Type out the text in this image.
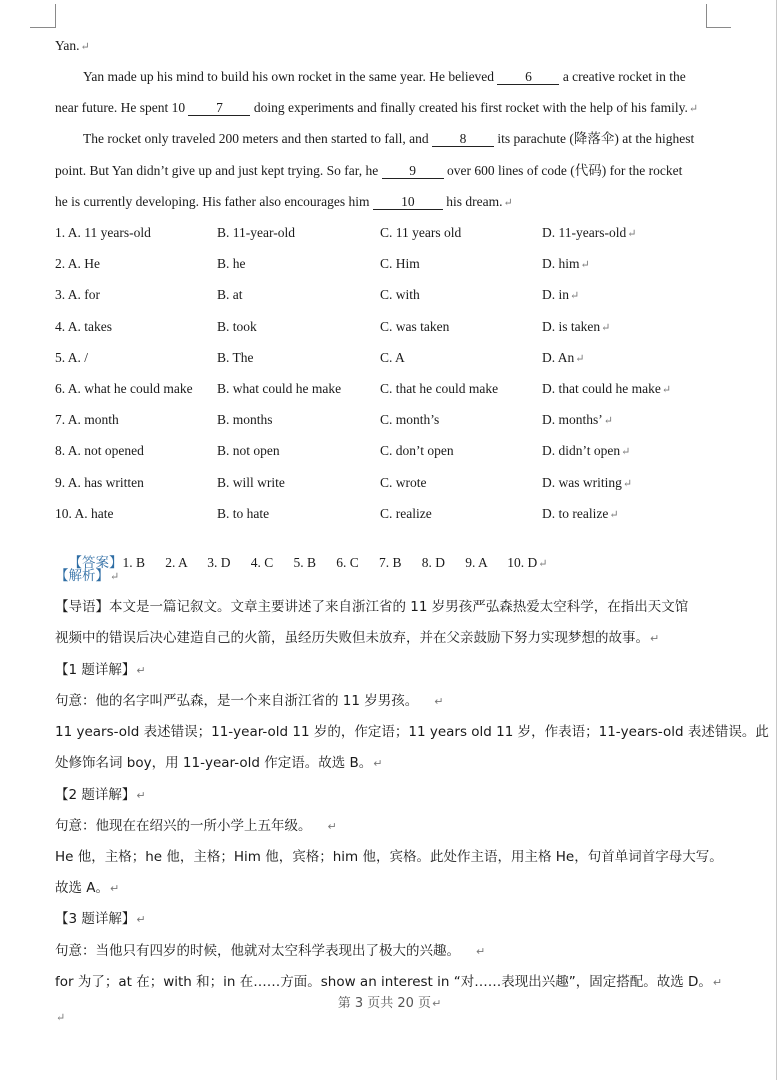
Yan.↵
Yan made up his mind to build his own rocket in the same year. He believed 6 a creative rocket in the
near future. He spent 10 7 doing experiments and finally created his first rocket with the help of his family.↵
The rocket only traveled 200 meters and then started to fall, and 8 its parachute (降落伞) at the highest
point. But Yan didn’t give up and just kept trying. So far, he 9 over 600 lines of code (代码) for the rocket
he is currently developing. His father also encourages him 10 his dream.↵
1. A. 11 years-old	B. 11-year-old	C. 11 years old	D. 11-years-old↵
2. A. He	B. he	C. Him	D. him↵
3. A. for	B. at	C. with	D. in↵
4. A. takes	B. took	C. was taken	D. is taken↵
5. A. /	B. The	C. A	D. An↵
6. A. what he could make B. what could he make	C. that he could make	D. that could he make↵
7. A. month	B. months	C. month’s	D. months’↵
8. A. not opened	B. not open	C. don’t open	D. didn’t open↵
9. A. has written	B. will write	C. wrote	D. was writing↵
10. A. hate	B. to hate	C. realize	D. to realize↵

【答案】1. B      2. A      3. D      4. C      5. B      6. C      7. B      8. D      9. A      10. D↵

【解析】↵
【导语】本文是一篇记叙文。文章主要讲述了来自浙江省的 11 岁男孩严弘森热爱太空科学，在指出天文馆
视频中的错误后决心建造自己的火箭，虽经历失败但未放弃，并在父亲鼓励下努力实现梦想的故事。↵
【1 题详解】↵
句意：他的名字叫严弘森，是一个来自浙江省的 11 岁男孩。 ↵
11 years-old 表述错误；11-year-old 11 岁的，作定语；11 years old 11 岁，作表语；11-years-old 表述错误。此
处修饰名词 boy，用 11-year-old 作定语。故选 B。↵
【2 题详解】↵
句意：他现在在绍兴的一所小学上五年级。 ↵
He 他，主格；he 他，主格；Him 他，宾格；him 他，宾格。此处作主语，用主格 He，句首单词首字母大写。
故选 A。↵
【3 题详解】↵
句意：当他只有四岁的时候，他就对太空科学表现出了极大的兴趣。 ↵
for 为了；at 在；with 和；in 在……方面。show an interest in “对……表现出兴趣”，固定搭配。故选 D。↵
第 3 页共 20 页↵
↵
